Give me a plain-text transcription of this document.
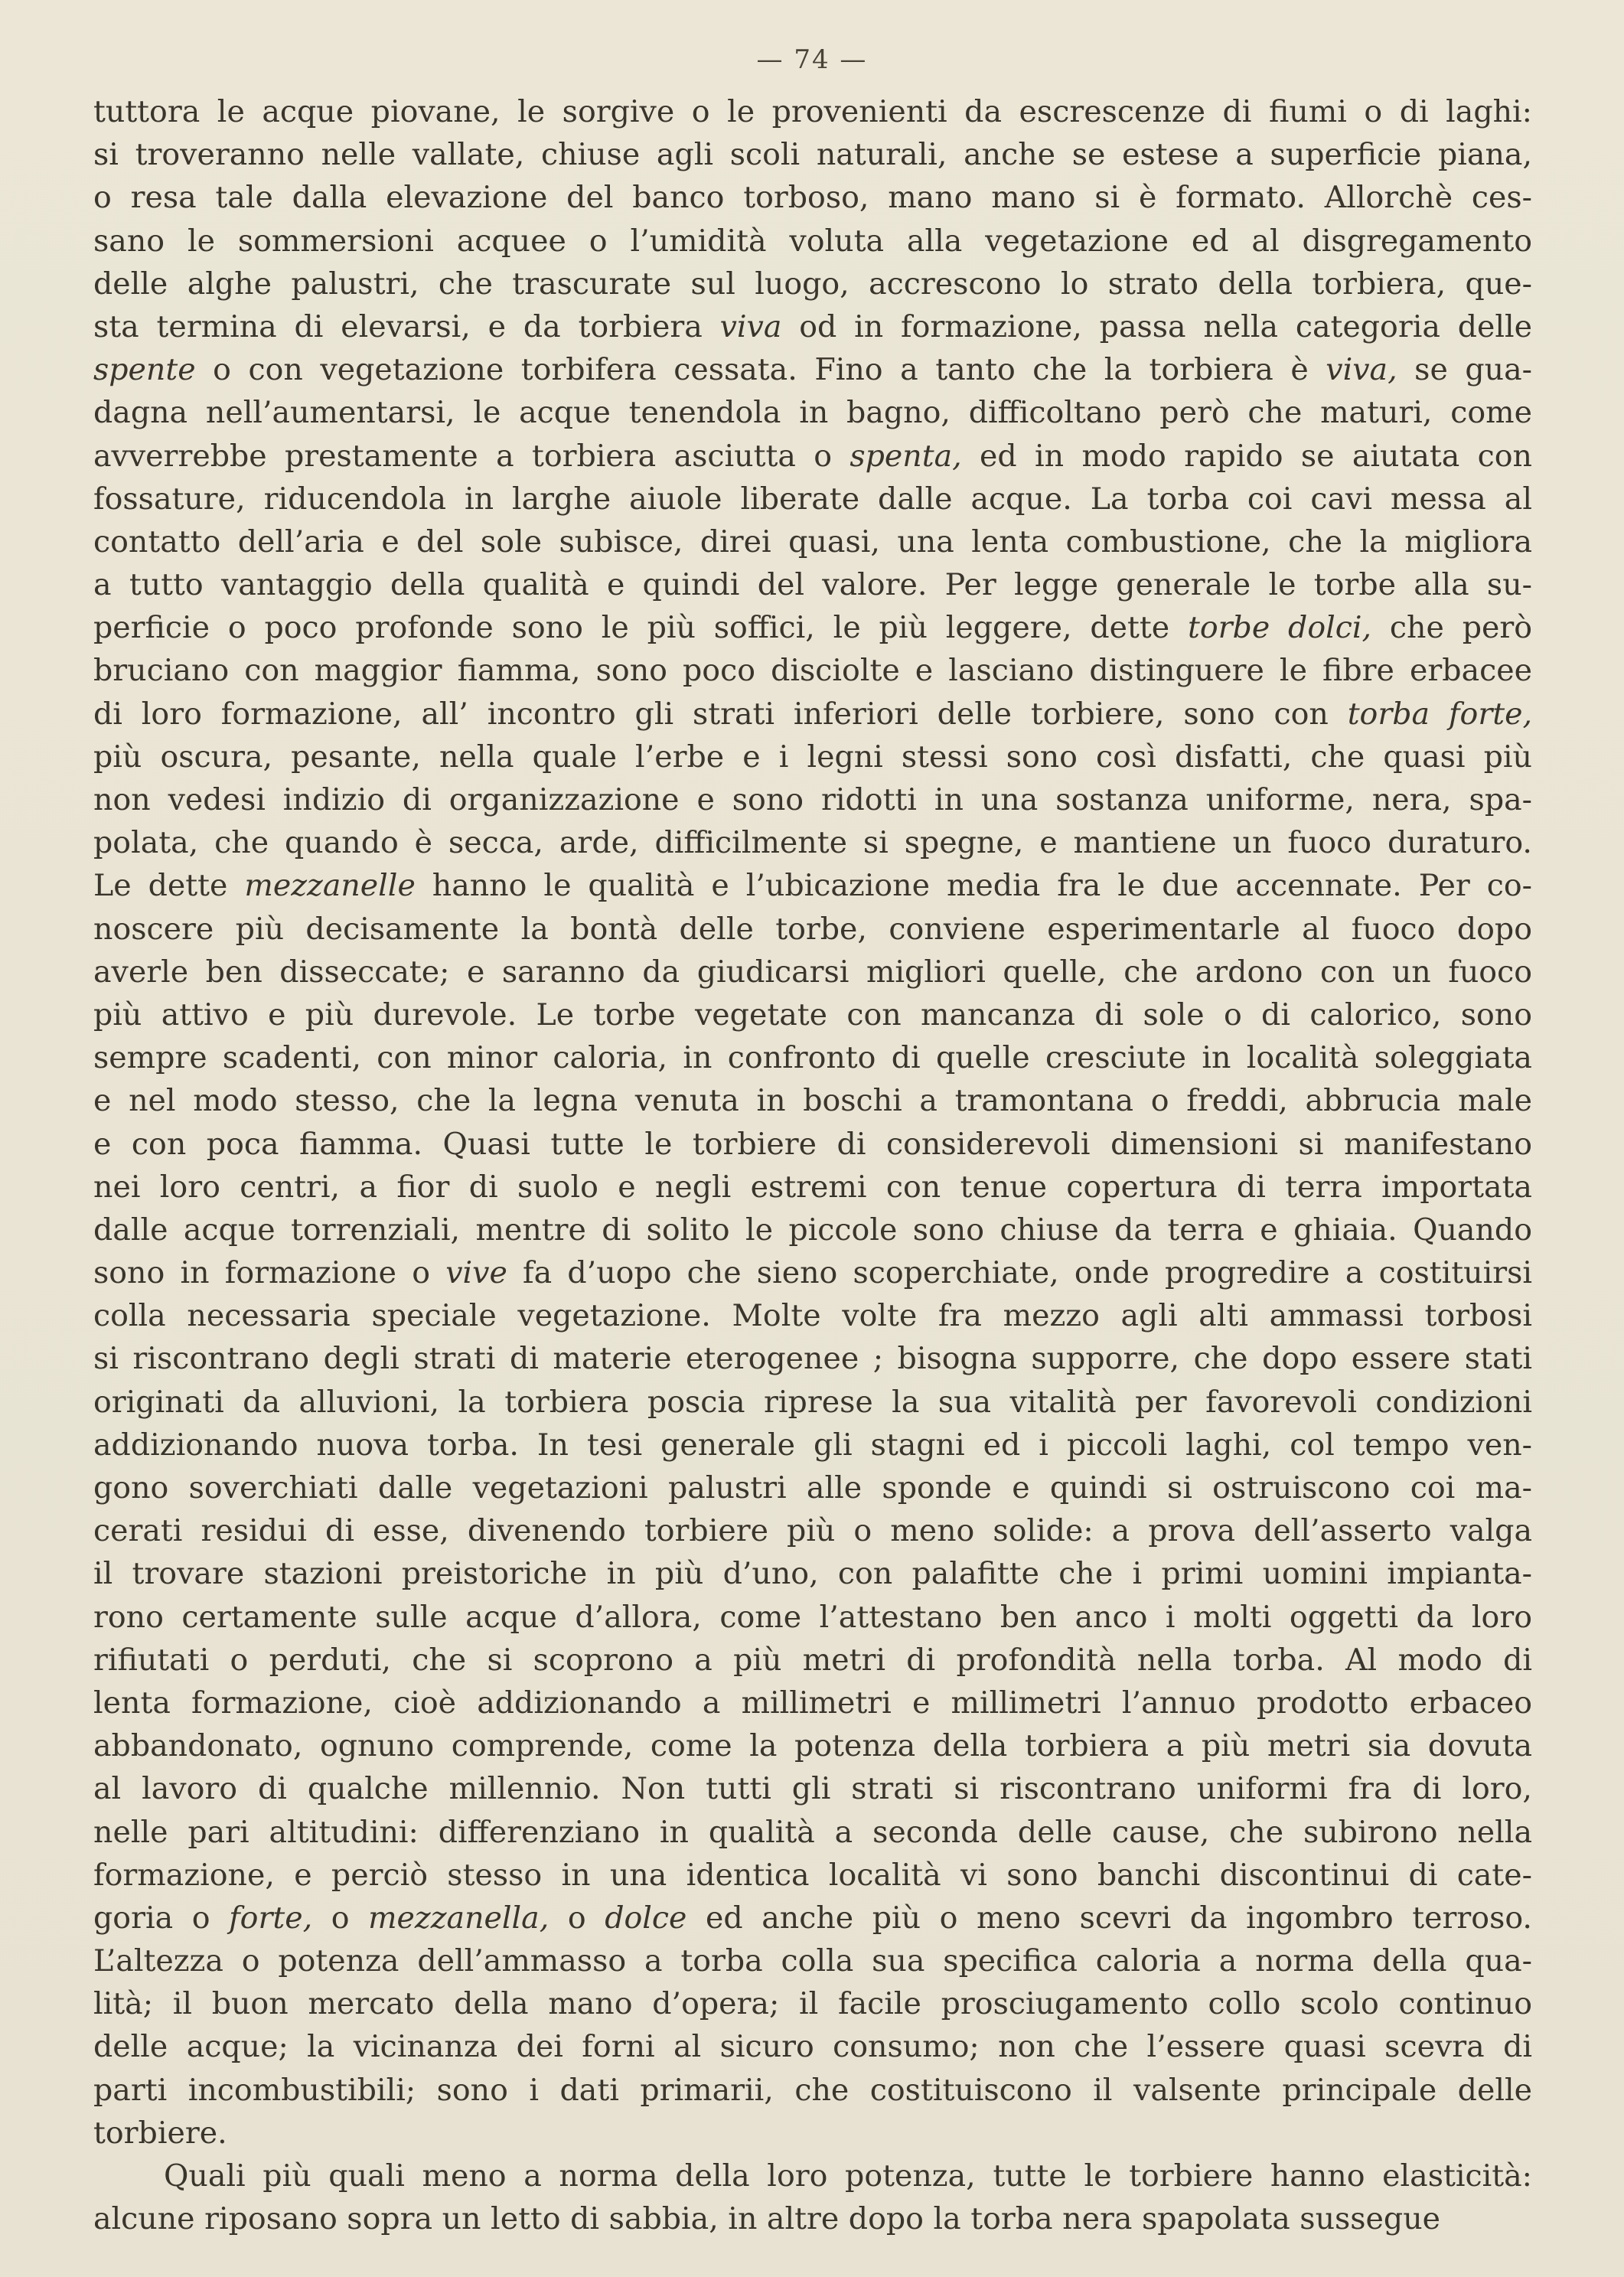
— 74 —
tuttora le acque piovane, le sorgive o le provenienti da escrescenze di fiumi o di laghi:
si troveranno nelle vallate, chiuse agli scoli naturali, anche se estese a superficie piana,
o resa tale dalla elevazione del banco torboso, mano mano si è formato. Allorchè ces-
sano le sommersioni acquee o l’umidità voluta alla vegetazione ed al disgregamento
delle alghe palustri, che trascurate sul luogo, accrescono lo strato della torbiera, que-
sta termina di elevarsi, e da torbiera viva od in formazione, passa nella categoria delle
spente o con vegetazione torbifera cessata. Fino a tanto che la torbiera è viva, se gua-
dagna nell’aumentarsi, le acque tenendola in bagno, difficoltano però che maturi, come
avverrebbe prestamente a torbiera asciutta o spenta, ed in modo rapido se aiutata con
fossature, riducendola in larghe aiuole liberate dalle acque. La torba coi cavi messa al
contatto dell’aria e del sole subisce, direi quasi, una lenta combustione, che la migliora
a tutto vantaggio della qualità e quindi del valore. Per legge generale le torbe alla su-
perficie o poco profonde sono le più soffici, le più leggere, dette torbe dolci, che però
bruciano con maggior fiamma, sono poco disciolte e lasciano distinguere le fibre erbacee
di loro formazione, all’ incontro gli strati inferiori delle torbiere, sono con torba forte,
più oscura, pesante, nella quale l’erbe e i legni stessi sono così disfatti, che quasi più
non vedesi indizio di organizzazione e sono ridotti in una sostanza uniforme, nera, spa-
polata, che quando è secca, arde, difficilmente si spegne, e mantiene un fuoco duraturo.
Le dette mezzanelle hanno le qualità e l’ubicazione media fra le due accennate. Per co-
noscere più decisamente la bontà delle torbe, conviene esperimentarle al fuoco dopo
averle ben disseccate; e saranno da giudicarsi migliori quelle, che ardono con un fuoco
più attivo e più durevole. Le torbe vegetate con mancanza di sole o di calorico, sono
sempre scadenti, con minor caloria, in confronto di quelle cresciute in località soleggiata
e nel modo stesso, che la legna venuta in boschi a tramontana o freddi, abbrucia male
e con poca fiamma. Quasi tutte le torbiere di considerevoli dimensioni si manifestano
nei loro centri, a fior di suolo e negli estremi con tenue copertura di terra importata
dalle acque torrenziali, mentre di solito le piccole sono chiuse da terra e ghiaia. Quando
sono in formazione o vive fa d’uopo che sieno scoperchiate, onde progredire a costituirsi
colla necessaria speciale vegetazione. Molte volte fra mezzo agli alti ammassi torbosi
si riscontrano degli strati di materie eterogenee ; bisogna supporre, che dopo essere stati
originati da alluvioni, la torbiera poscia riprese la sua vitalità per favorevoli condizioni
addizionando nuova torba. In tesi generale gli stagni ed i piccoli laghi, col tempo ven-
gono soverchiati dalle vegetazioni palustri alle sponde e quindi si ostruiscono coi ma-
cerati residui di esse, divenendo torbiere più o meno solide: a prova dell’asserto valga
il trovare stazioni preistoriche in più d’uno, con palafitte che i primi uomini impianta-
rono certamente sulle acque d’allora, come l’attestano ben anco i molti oggetti da loro
rifiutati o perduti, che si scoprono a più metri di profondità nella torba. Al modo di
lenta formazione, cioè addizionando a millimetri e millimetri l’annuo prodotto erbaceo
abbandonato, ognuno comprende, come la potenza della torbiera a più metri sia dovuta
al lavoro di qualche millennio. Non tutti gli strati si riscontrano uniformi fra di loro,
nelle pari altitudini: differenziano in qualità a seconda delle cause, che subirono nella
formazione, e perciò stesso in una identica località vi sono banchi discontinui di cate-
goria o forte, o mezzanella, o dolce ed anche più o meno scevri da ingombro terroso.
L’altezza o potenza dell’ammasso a torba colla sua specifica caloria a norma della qua-
lità; il buon mercato della mano d’opera; il facile prosciugamento collo scolo continuo
delle acque; la vicinanza dei forni al sicuro consumo; non che l’essere quasi scevra di
parti incombustibili; sono i dati primarii, che costituiscono il valsente principale delle
torbiere.
Quali più quali meno a norma della loro potenza, tutte le torbiere hanno elasticità:
alcune riposano sopra un letto di sabbia, in altre dopo la torba nera spapolata sussegue
